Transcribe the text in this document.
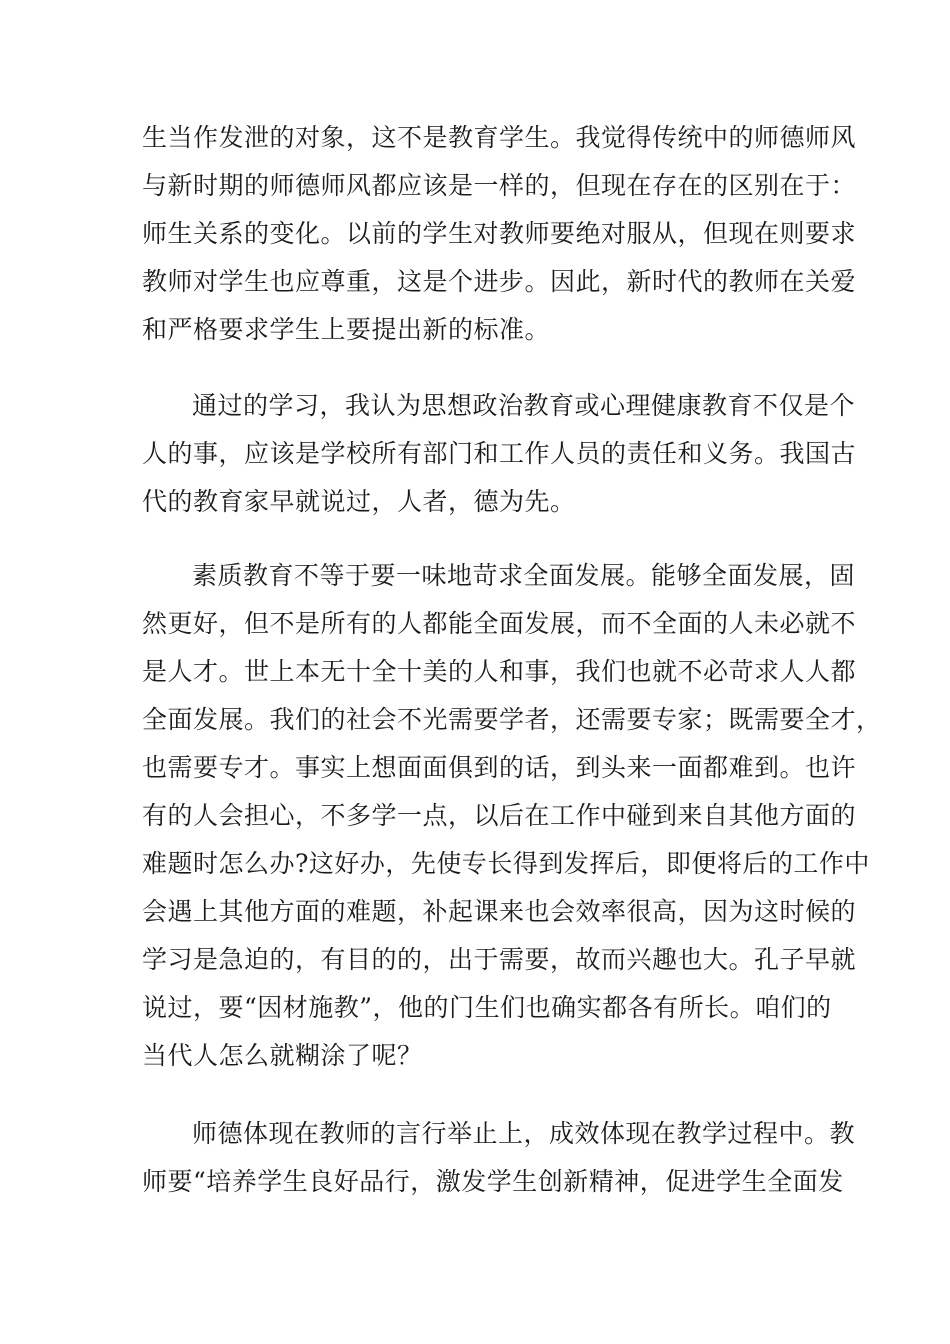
生当作发泄的对象，这不是教育学生。我觉得传统中的师德师风
与新时期的师德师风都应该是一样的，但现在存在的区别在于：
师生关系的变化。以前的学生对教师要绝对服从，但现在则要求
教师对学生也应尊重，这是个进步。因此，新时代的教师在关爱
和严格要求学生上要提出新的标准。
通过的学习，我认为思想政治教育或心理健康教育不仅是个
人的事，应该是学校所有部门和工作人员的责任和义务。我国古
代的教育家早就说过，人者，德为先。
素质教育不等于要一味地苛求全面发展。能够全面发展，固
然更好，但不是所有的人都能全面发展，而不全面的人未必就不
是人才。世上本无十全十美的人和事，我们也就不必苛求人人都
全面发展。我们的社会不光需要学者，还需要专家；既需要全才，
也需要专才。事实上想面面俱到的话，到头来一面都难到。也许
有的人会担心，不多学一点，以后在工作中碰到来自其他方面的
难题时怎么办?这好办，先使专长得到发挥后，即便将后的工作中
会遇上其他方面的难题，补起课来也会效率很高，因为这时候的
学习是急迫的，有目的的，出于需要，故而兴趣也大。孔子早就
说过，要“因材施教”，他的门生们也确实都各有所长。咱们的
当代人怎么就糊涂了呢？
师德体现在教师的言行举止上，成效体现在教学过程中。教
师要“培养学生良好品行，激发学生创新精神，促进学生全面发
